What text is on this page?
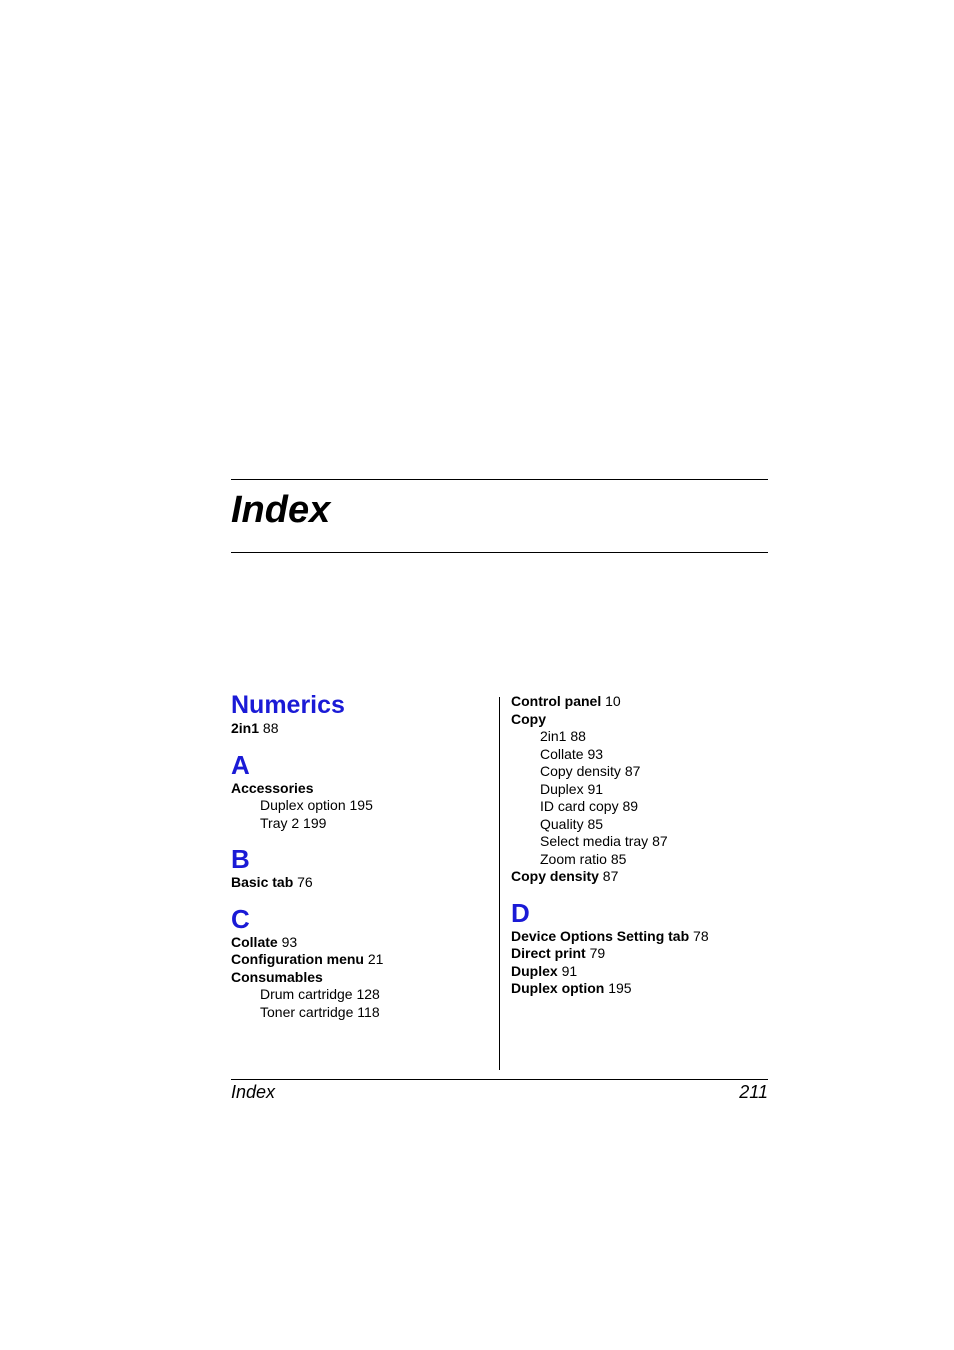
Index
Numerics
2in1 88
A
Accessories
Duplex option 195
Tray 2 199
B
Basic tab 76
C
Collate 93
Configuration menu 21
Consumables
Drum cartridge 128
Toner cartridge 118
Control panel 10
Copy
2in1 88
Collate 93
Copy density 87
Duplex 91
ID card copy 89
Quality 85
Select media tray 87
Zoom ratio 85
Copy density 87
D
Device Options Setting tab 78
Direct print 79
Duplex 91
Duplex option 195
Index	211
